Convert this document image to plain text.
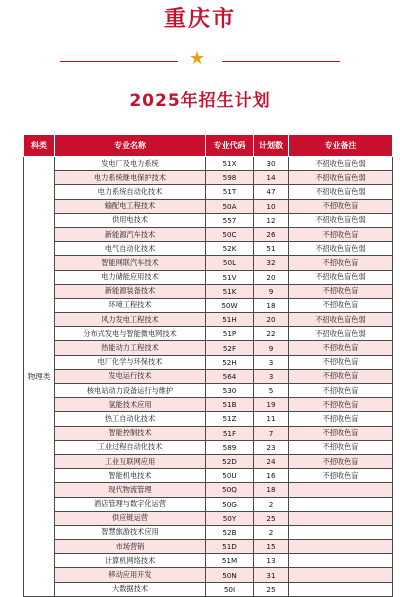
重庆市
★
2025年招生计划
科类	专业名称	专业代码	计划数	专业备注
物理类	发电厂及电力系统	51X	30	不招收色盲色弱
	电力系统继电保护技术	598	14	不招收色盲色弱
	电力系统自动化技术	51T	47	不招收色盲色弱
	输配电工程技术	50A	10	不招收色盲
	供用电技术	557	12	不招收色盲色弱
	新能源汽车技术	50C	26	不招收色盲
	电气自动化技术	52K	51	不招收色盲色弱
	智能网联汽车技术	50L	32	不招收色盲
	电力储能应用技术	51V	20	不招收色盲色弱
	新能源装备技术	51K	9	不招收色盲
	环境工程技术	50W	18	不招收色盲
	风力发电工程技术	51H	20	不招收色盲色弱
	分布式发电与智能微电网技术	51P	22	不招收色盲色弱
	热能动力工程技术	52F	9	不招收色盲
	电厂化学与环保技术	52H	3	不招收色盲
	发电运行技术	564	3	不招收色盲
	核电站动力设备运行与维护	530	5	不招收色盲
	氢能技术应用	51B	19	不招收色盲
	热工自动化技术	51Z	11	不招收色盲
	智能控制技术	51F	7	不招收色盲
	工业过程自动化技术	589	23	不招收色盲
	工业互联网应用	52D	24	不招收色盲
	智能机电技术	50U	16	不招收色盲
	现代物流管理	50Q	18	
	酒店管理与数字化运营	50G	2	
	供应链运营	50Y	25	
	智慧旅游技术应用	52B	2	
	市场营销	51D	15	
	计算机网络技术	51M	13	
	移动应用开发	50N	31	
	大数据技术	50I	25	
